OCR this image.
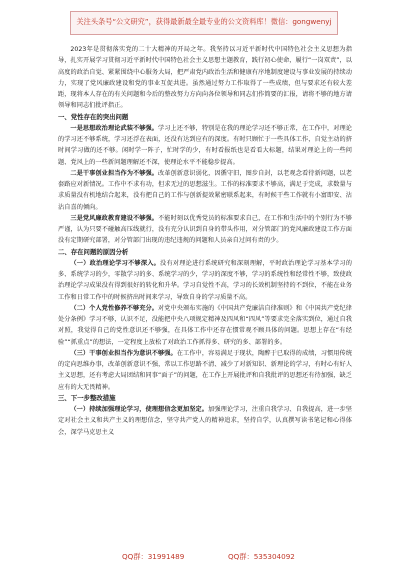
关注头条号“公文研究”，获得最新最全最专业的公文资料库！微信：gongwenyj

2023年是贯彻落实党的二十大精神的开局之年。我坚持以习近平新时代中国特色社会主义思想为指导，扎实开展学习贯彻习近平新时代中国特色社会主义思想主题教育，践行初心使命，履行“一岗双责”，以高度的政治自觉、紧紧围绕中心服务大局，把严肃党内政治生活和健康有序地制度建设与事业发展的持续动力，实现了党风廉政建设和党的事业互促共进。虽然通过努力工作取得了一些成绩，但与要求还有较大差距，现将本人存在的有关问题和今后的整改努力方向向各位领导和同志们作简要的汇报，请将不够的地方请领导和同志们批评指正。

一、党性存在的突出问题

一是思想政治理论武装不够强。学习上还不够，特别是在我的理论学习还不够正常，在工作中，对理论的学习还不够系统，学习还浮在表面，还没有达到应有的深度。有时只顾忙于一些具体工作，自觉主动的挤时间学习做的还不够。闲时学一阵子，忙时学的少，有时看报纸也是看看大标题，结果对理论上的一些问题、党风上的一些新问题理解还不深，使理论水平不能稳步提高。

二是干事创业担当作为不够强。改革创新意识弱化，因循守旧，图步自封，以老观念看待新问题，以老套路应对新情况。工作中不求有功，但求无过的思想滋生。工作的标准要求不够高，满足于完成，求数量与求质量没有机地结合起来，没有把自己的工作与创新提效紧密联系起来，有时候干些工作就有小富即安、沾沾自喜的倾向。

三是党风廉政教育建设不够强。不能时刻以优秀党员的标准要求自己，在工作和生活中的个别行为不够严谨，认为只要不碰触高压线就行，没有充分认识到自身的带头作用，对分管部门的党风廉政建设工作方面没有定期研究部署，对分管部门出现的违纪违规的问题和人员亲自过问有责的少。

二、存在问题的原因分析

（一）政治理论学习不够深入。没有对理论进行系统研究和深刻理解，平时政治理论学习基本学习的多、系统学习的少，零散学习的多、系统学习的少，学习的深度不够，学习的系统性和经常性不够，致使政治理论学习成果没有得到很好的转化和升华。学习自觉性不高，学习的长效机制坚持的不到位，不能在业务工作和日常工作中的时候挤出时间来学习，导致自身的学习质量不高。

（二）个人党性修养不够充分。对党中央颁布实施的《中国共产党廉洁自律准则》和《中国共产党纪律处分条例》学习不够，认识不足，没能把中央八项规定精神及四风和“四风”等要求完全落实到位，通过自我对照，我觉得自己的党性意识还不够强，在具体工作中还存在惯常观不顾具体的问题。思想上存在“有经验”“抓重点”的想法，一定程度上放松了对政治工作抓得多、研究的多、部署的多。

（三）干事创业担当作为意识不够强。在工作中，容易满足于现状，陶醉于已取得的成绩，习惯用传统的定向思维办事，改革创新意识不强，常以工作思路不清、减少了对新知识、新理论的学习，有时心有好人主义思想，还有考虑大局团结和同事“面子”的问题，在工作上开展批评和自我批评的思想还有待加强，缺乏应有的大无畏精神。

三、下一步整改措施

（一）持续加强理论学习，使理想信念更加坚定。加强理论学习，注重自我学习、自我提高，进一步坚定对社会主义和共产主义的理想信念，坚守共产党人的精神追求，坚持自学，认真撰写读书笔记和心得体会，深学马克思主义

QQ群：31991489	QQ群：535304092
